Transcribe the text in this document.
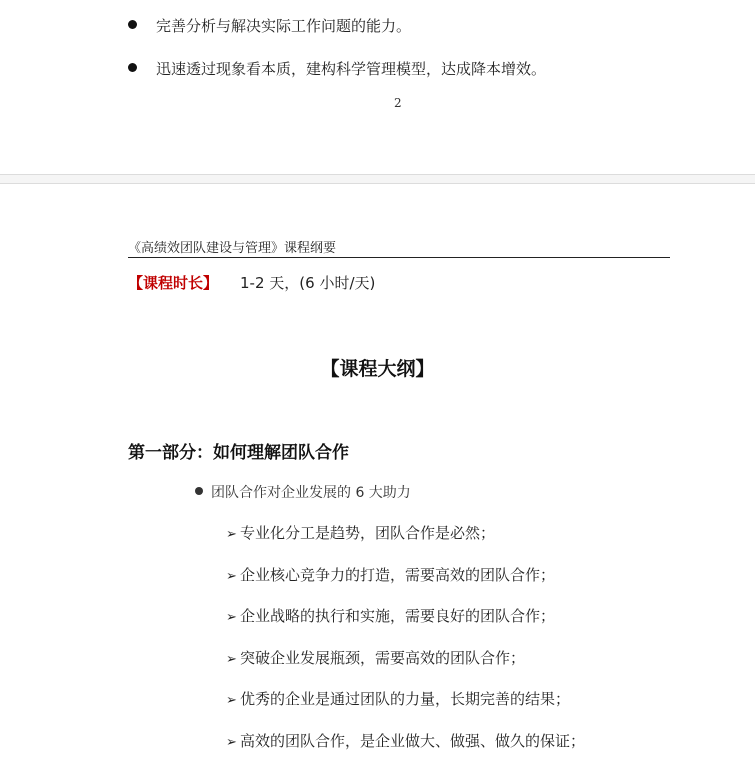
完善分析与解决实际工作问题的能力。
迅速透过现象看本质，建构科学管理模型，达成降本增效。
2
《高绩效团队建设与管理》课程纲要
【课程时长】 1-2 天，(6 小时/天)
【课程大纲】
第一部分：如何理解团队合作
团队合作对企业发展的 6 大助力
➢ 专业化分工是趋势，团队合作是必然；
➢ 企业核心竞争力的打造，需要高效的团队合作；
➢ 企业战略的执行和实施，需要良好的团队合作；
➢ 突破企业发展瓶颈，需要高效的团队合作；
➢ 优秀的企业是通过团队的力量，长期完善的结果；
➢ 高效的团队合作，是企业做大、做强、做久的保证；
